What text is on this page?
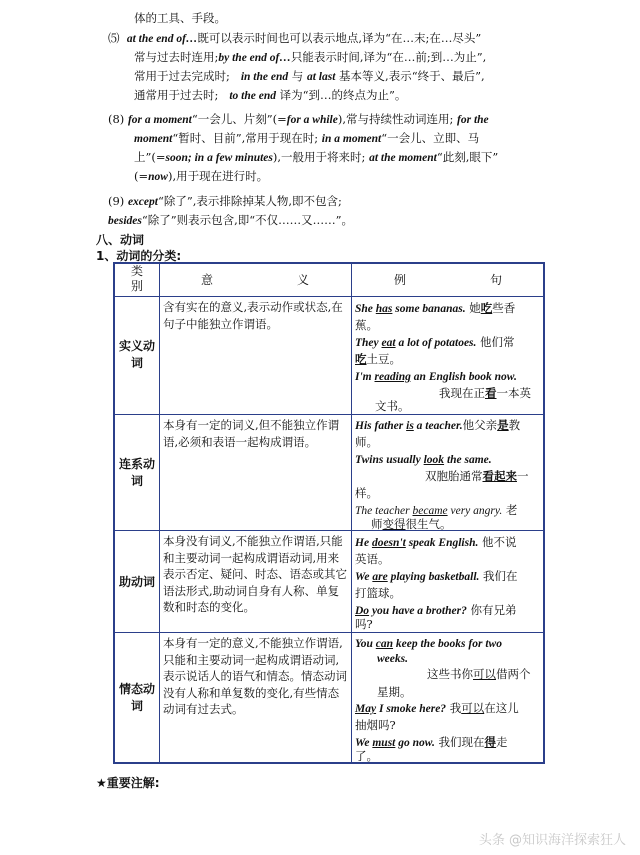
体的工具、手段。
⑸ at the end of…既可以表示时间也可以表示地点,译为“在…末;在…尽头”
常与过去时连用;by the end of…只能表示时间,译为“在…前;到…为止”,
常用于过去完成时; in the end 与 at last 基本等义,表示“终于、最后”,
通常用于过去时; to the end 译为“到…的终点为止”。
(8) for a moment“一会儿、片刻”(=for a while),常与持续性动词连用; for the
moment“暂时、目前”,常用于现在时; in a moment“一会儿、立即、马
上”(=soon; in a few minutes),一般用于将来时; at the moment“此刻,眼下”
(=now),用于现在进行时。
(9) except“除了”,表示排除掉某人物,即不包含;
besides“除了”则表示包含,即“不仅……又……”。
八、动词
1、动词的分类:
类
别	意　　　　　　　义	例　　　　　　　句
实义动
词
含有实在的意义,表示动作或状态,在句子中能独立作谓语。
She has some bananas. 她吃些香
蕉。
They eat a lot of potatoes. 他们常
吃土豆。
I'm reading an English book now.
我现在正看一本英
文书。
连系动
词
本身有一定的词义,但不能独立作谓语,必须和表语一起构成谓语。
His father is a teacher.他父亲是教
师。
Twins usually look the same.
双胞胎通常看起来一
样。
The teacher became very angry. 老
师变得很生气。
助动词
本身没有词义,不能独立作谓语,只能和主要动词一起构成谓语动词,用来表示否定、疑问、时态、语态或其它语法形式,助动词自身有人称、单复数和时态的变化。
He doesn't speak English. 他不说
英语。
We are playing basketball. 我们在
打篮球。
Do you have a brother? 你有兄弟
吗?
情态动
词
本身有一定的意义,不能独立作谓语,只能和主要动词一起构成谓语动词,表示说话人的语气和情态。情态动词没有人称和单复数的变化,有些情态动词有过去式。
You can keep the books for two
weeks.
这些书你可以借两个
星期。
May I smoke here? 我可以在这儿
抽烟吗?
We must go now. 我们现在得走
了。
★重要注解:
头条 @知识海洋探索狂人
